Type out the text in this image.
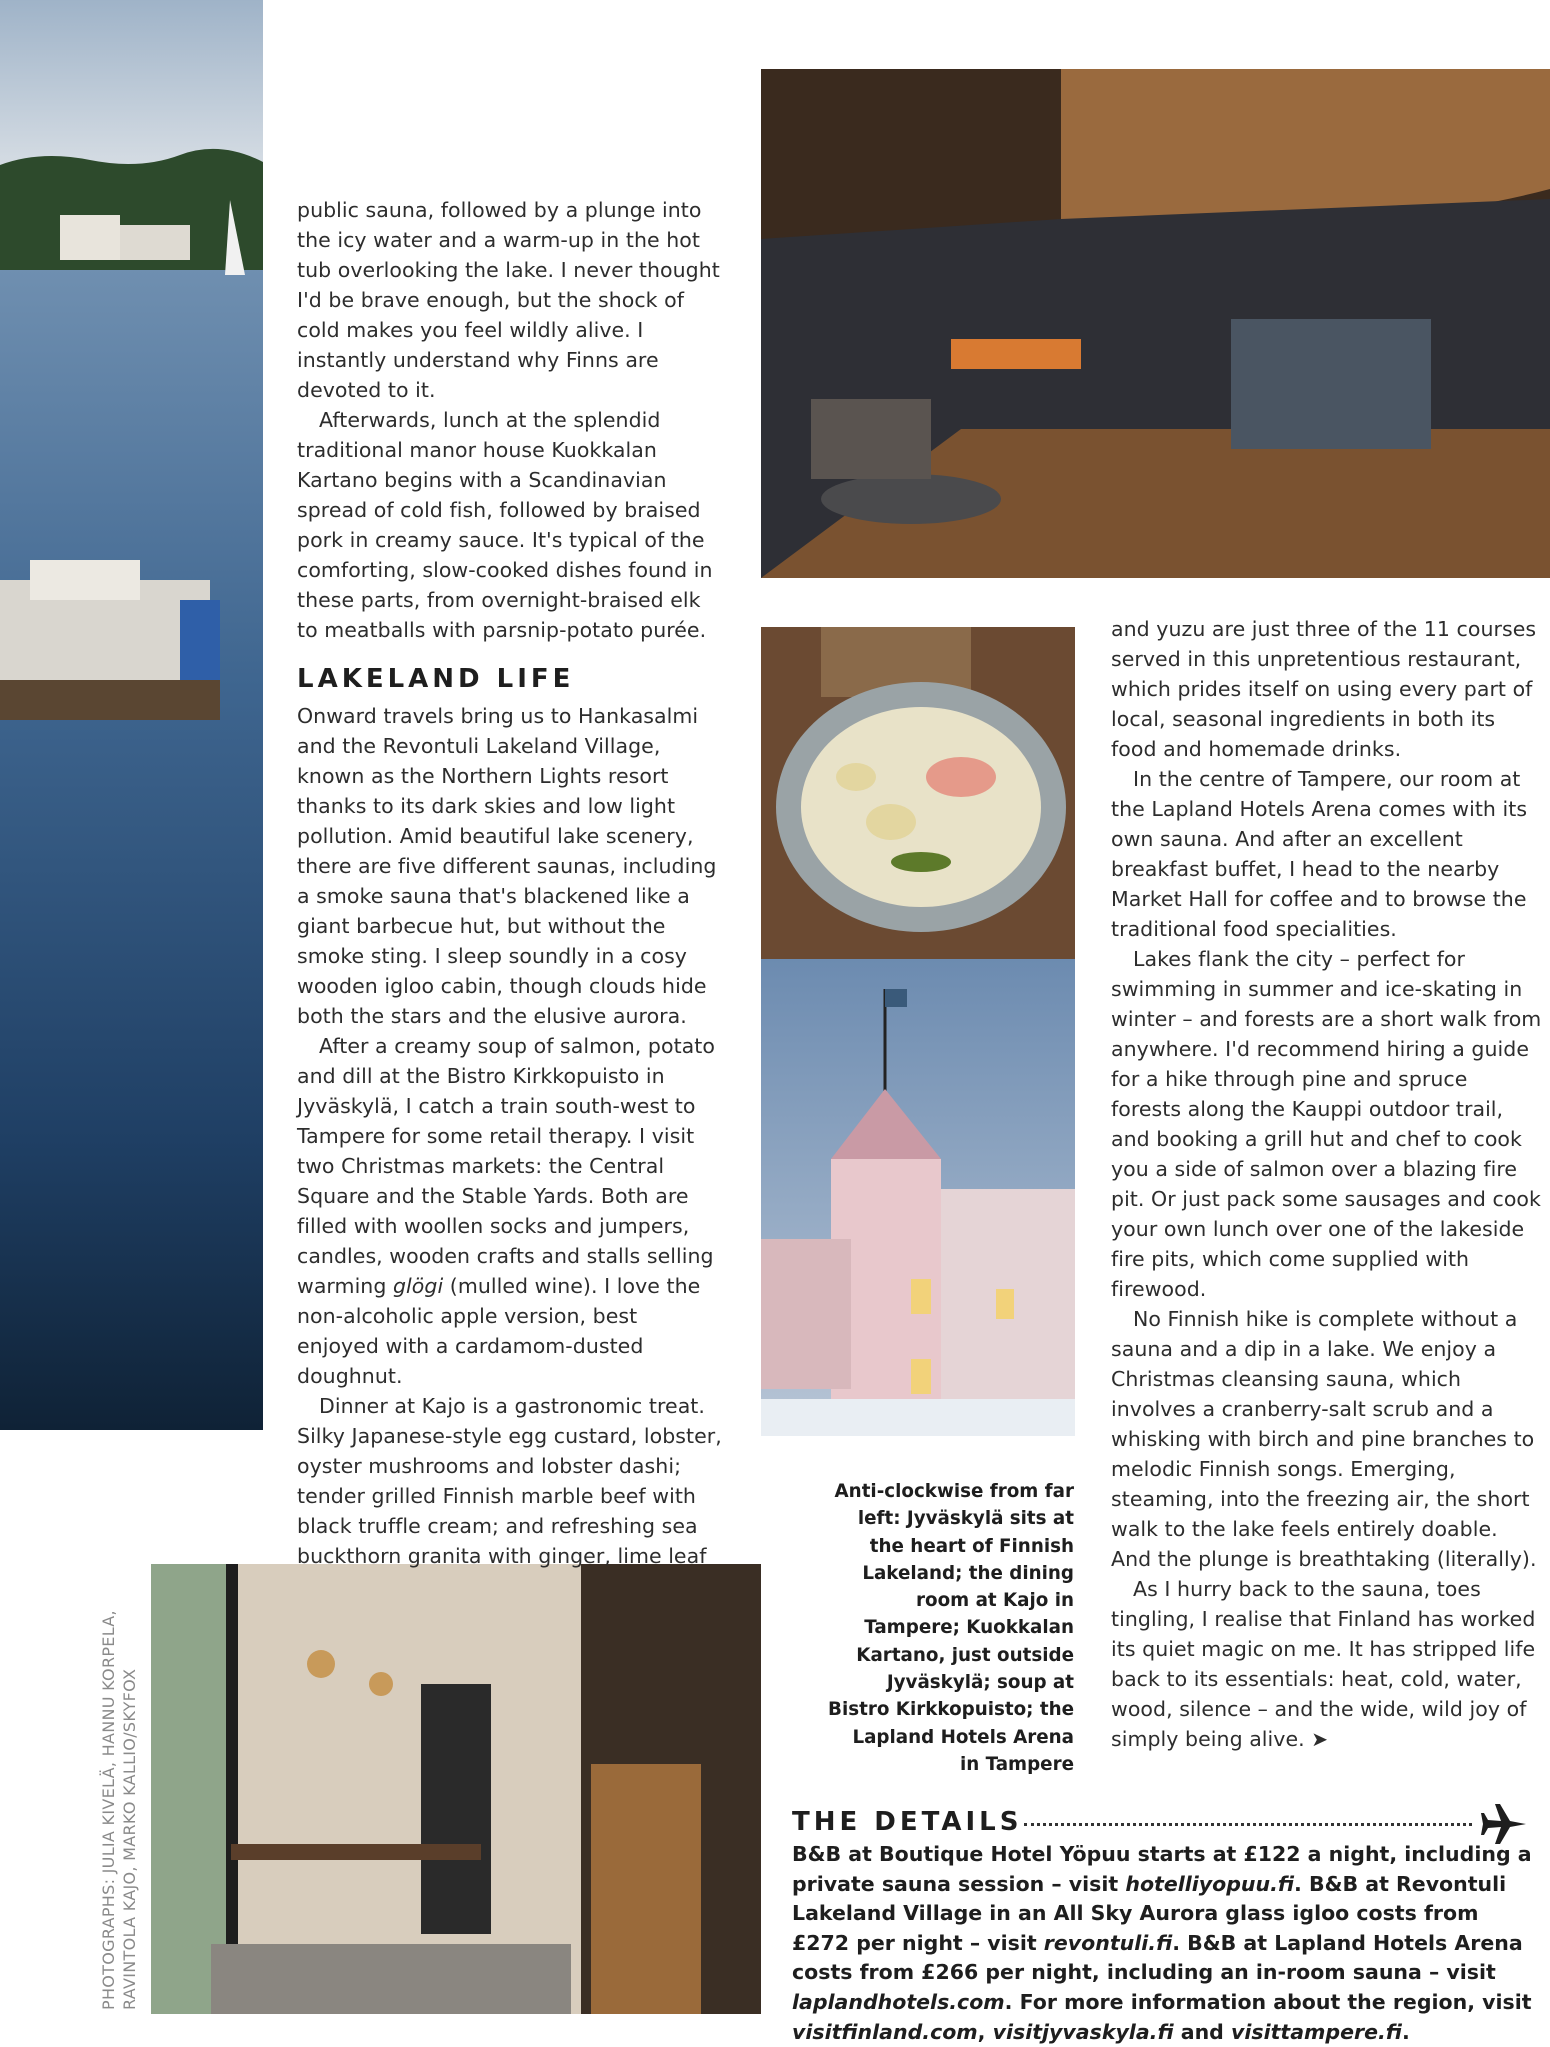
public sauna, followed by a plunge into the icy water and a warm-up in the hot tub overlooking the lake. I never thought I'd be brave enough, but the shock of cold makes you feel wildly alive. I instantly understand why Finns are devoted to it.

Afterwards, lunch at the splendid traditional manor house Kuokkalan Kartano begins with a Scandinavian spread of cold fish, followed by braised pork in creamy sauce. It's typical of the comforting, slow-cooked dishes found in these parts, from overnight-braised elk to meatballs with parsnip-potato purée.

LAKELAND LIFE

Onward travels bring us to Hankasalmi and the Revontuli Lakeland Village, known as the Northern Lights resort thanks to its dark skies and low light pollution. Amid beautiful lake scenery, there are five different saunas, including a smoke sauna that's blackened like a giant barbecue hut, but without the smoke sting. I sleep soundly in a cosy wooden igloo cabin, though clouds hide both the stars and the elusive aurora.

After a creamy soup of salmon, potato and dill at the Bistro Kirkkopuisto in Jyväskylä, I catch a train south-west to Tampere for some retail therapy. I visit two Christmas markets: the Central Square and the Stable Yards. Both are filled with woollen socks and jumpers, candles, wooden crafts and stalls selling warming glögi (mulled wine). I love the non-alcoholic apple version, best enjoyed with a cardamom-dusted doughnut.

Dinner at Kajo is a gastronomic treat. Silky Japanese-style egg custard, lobster, oyster mushrooms and lobster dashi; tender grilled Finnish marble beef with black truffle cream; and refreshing sea buckthorn granita with ginger, lime leaf

and yuzu are just three of the 11 courses served in this unpretentious restaurant, which prides itself on using every part of local, seasonal ingredients in both its food and homemade drinks.

In the centre of Tampere, our room at the Lapland Hotels Arena comes with its own sauna. And after an excellent breakfast buffet, I head to the nearby Market Hall for coffee and to browse the traditional food specialities.

Lakes flank the city – perfect for swimming in summer and ice-skating in winter – and forests are a short walk from anywhere. I'd recommend hiring a guide for a hike through pine and spruce forests along the Kauppi outdoor trail, and booking a grill hut and chef to cook you a side of salmon over a blazing fire pit. Or just pack some sausages and cook your own lunch over one of the lakeside fire pits, which come supplied with firewood.

No Finnish hike is complete without a sauna and a dip in a lake. We enjoy a Christmas cleansing sauna, which involves a cranberry-salt scrub and a whisking with birch and pine branches to melodic Finnish songs. Emerging, steaming, into the freezing air, the short walk to the lake feels entirely doable. And the plunge is breathtaking (literally).

As I hurry back to the sauna, toes tingling, I realise that Finland has worked its quiet magic on me. It has stripped life back to its essentials: heat, cold, water, wood, silence – and the wide, wild joy of simply being alive. ➤

Anti-clockwise from far left: Jyväskylä sits at the heart of Finnish Lakeland; the dining room at Kajo in Tampere; Kuokkalan Kartano, just outside Jyväskylä; soup at Bistro Kirkkopuisto; the Lapland Hotels Arena in Tampere
PHOTOGRAPHS: JULIA KIVELÄ, HANNU KORPELA, RAVINTOLA KAJO, MARKO KALLIO/SKYFOX	THE DETAILS

B&B at Boutique Hotel Yöpuu starts at £122 a night, including a private sauna session – visit hotelliyopuu.fi. B&B at Revontuli Lakeland Village in an All Sky Aurora glass igloo costs from £272 per night – visit revontuli.fi. B&B at Lapland Hotels Arena costs from £266 per night, including an in-room sauna – visit laplandhotels.com. For more information about the region, visit visitfinland.com, visitjyvaskyla.fi and visittampere.fi.
